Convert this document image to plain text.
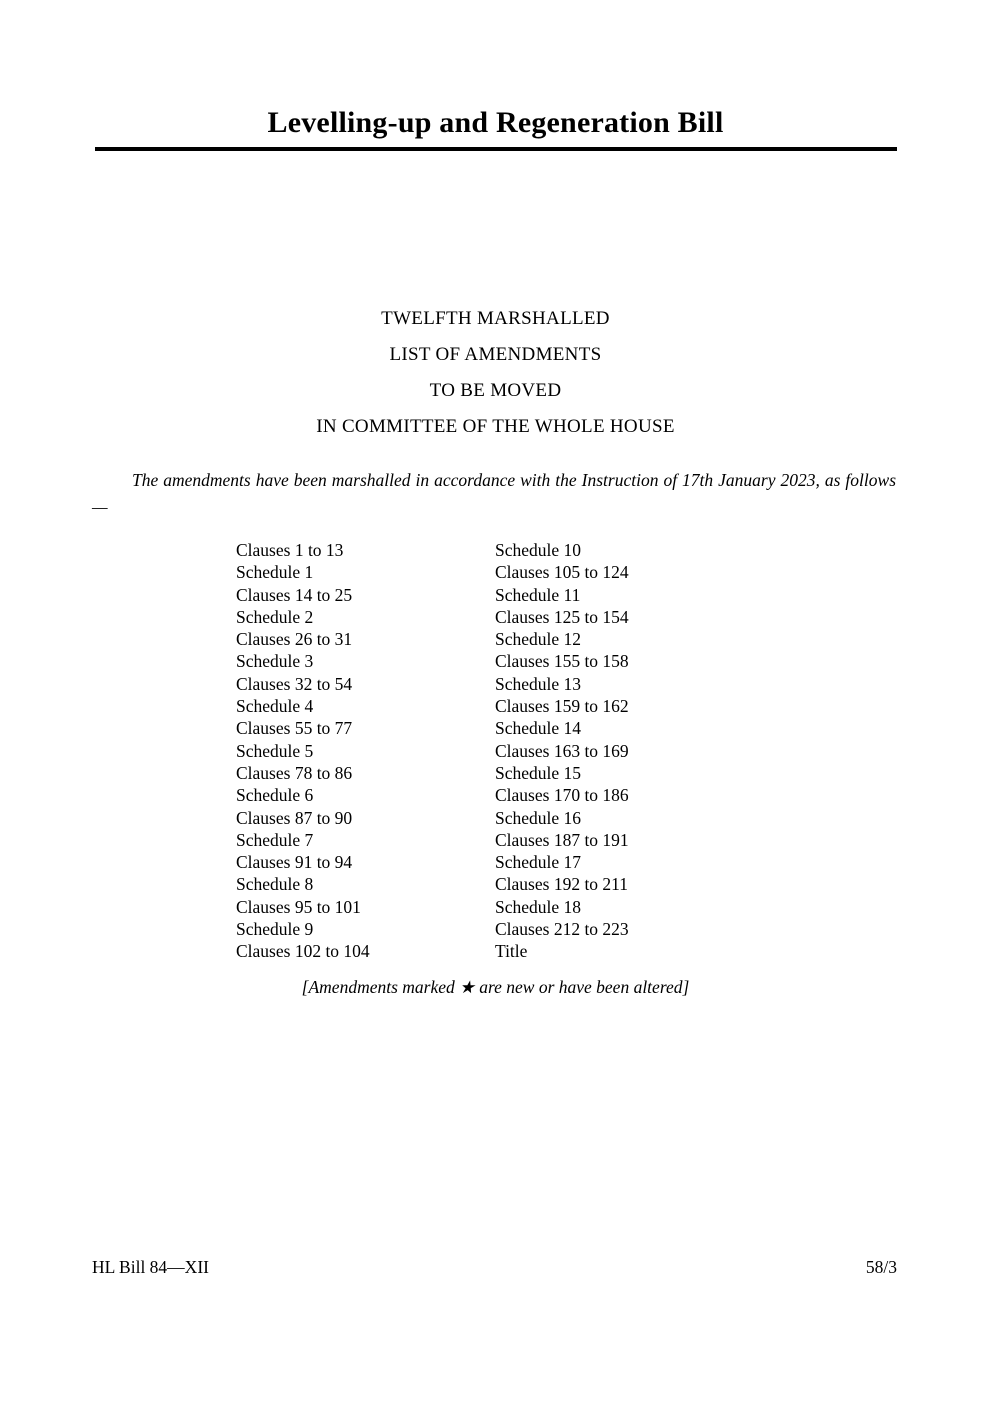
Levelling-up and Regeneration Bill
TWELFTH MARSHALLED
LIST OF AMENDMENTS
TO BE MOVED
IN COMMITTEE OF THE WHOLE HOUSE
The amendments have been marshalled in accordance with the Instruction of 17th January 2023, as follows—
Clauses 1 to 13
Schedule 1
Clauses 14 to 25
Schedule 2
Clauses 26 to 31
Schedule 3
Clauses 32 to 54
Schedule 4
Clauses 55 to 77
Schedule 5
Clauses 78 to 86
Schedule 6
Clauses 87 to 90
Schedule 7
Clauses 91 to 94
Schedule 8
Clauses 95 to 101
Schedule 9
Clauses 102 to 104
Schedule 10
Clauses 105 to 124
Schedule 11
Clauses 125 to 154
Schedule 12
Clauses 155 to 158
Schedule 13
Clauses 159 to 162
Schedule 14
Clauses 163 to 169
Schedule 15
Clauses 170 to 186
Schedule 16
Clauses 187 to 191
Schedule 17
Clauses 192 to 211
Schedule 18
Clauses 212 to 223
Title
[Amendments marked ★ are new or have been altered]
HL Bill 84—XII	58/3
